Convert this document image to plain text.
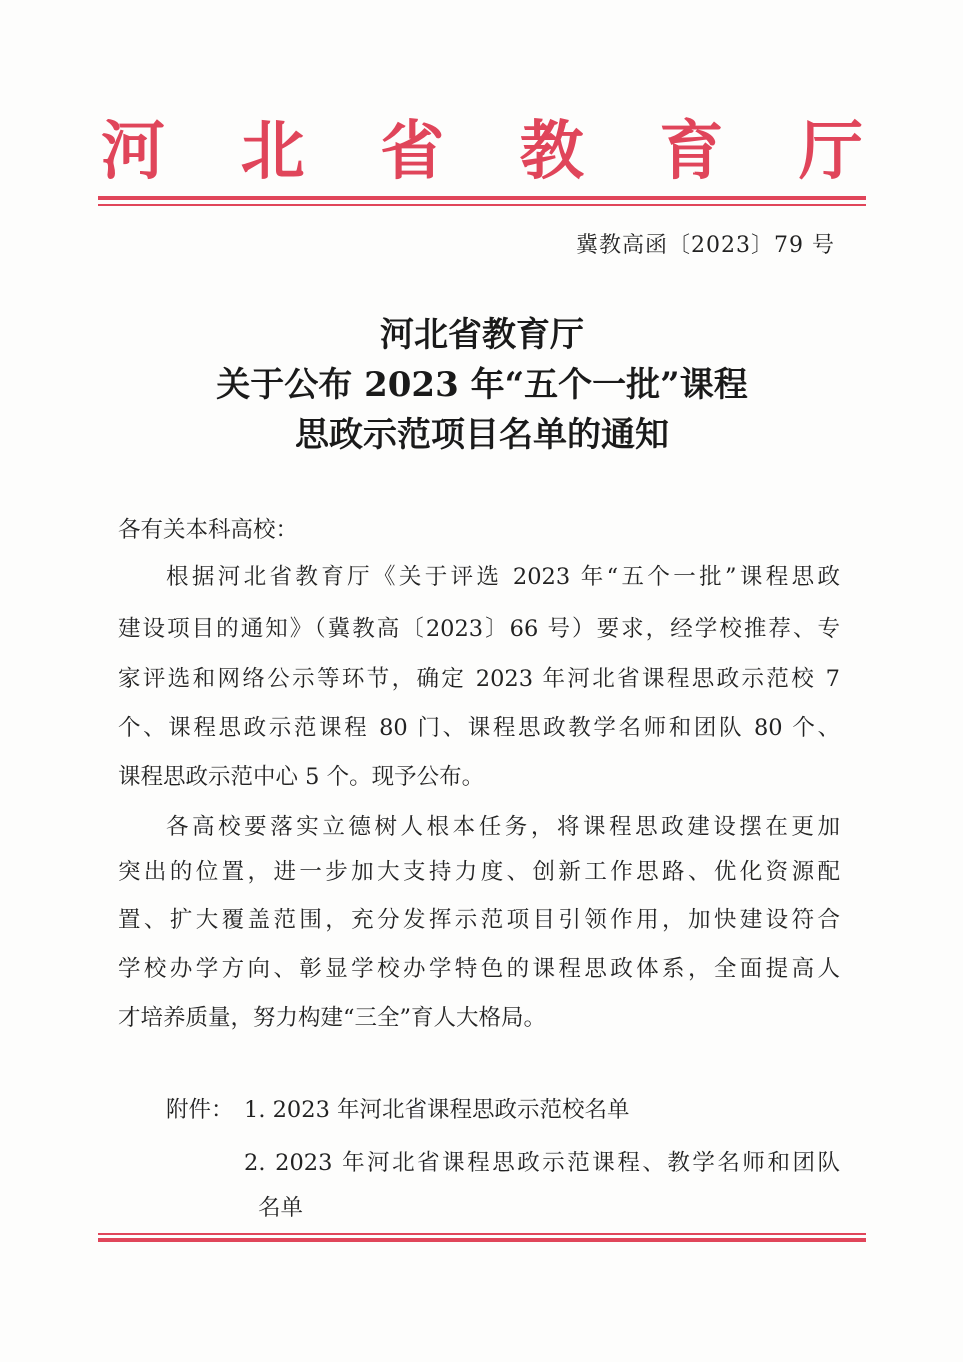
河 北 省 教 育 厅
冀教高函〔2023〕79 号
河北省教育厅
关于公布 2023 年“五个一批”课程
思政示范项目名单的通知
各有关本科高校：
根据河北省教育厅《关于评选 2023 年“五个一批”课程思政
建设项目的通知》（冀教高〔2023〕66 号）要求，经学校推荐、专
家评选和网络公示等环节，确定 2023 年河北省课程思政示范校 7
个、课程思政示范课程 80 门、课程思政教学名师和团队 80 个、
课程思政示范中心 5 个。现予公布。
各高校要落实立德树人根本任务，将课程思政建设摆在更加
突出的位置，进一步加大支持力度、创新工作思路、优化资源配
置、扩大覆盖范围，充分发挥示范项目引领作用，加快建设符合
学校办学方向、彰显学校办学特色的课程思政体系，全面提高人
才培养质量，努力构建“三全”育人大格局。
附件： 1. 2023 年河北省课程思政示范校名单
2. 2023 年河北省课程思政示范课程、教学名师和团队
名单
